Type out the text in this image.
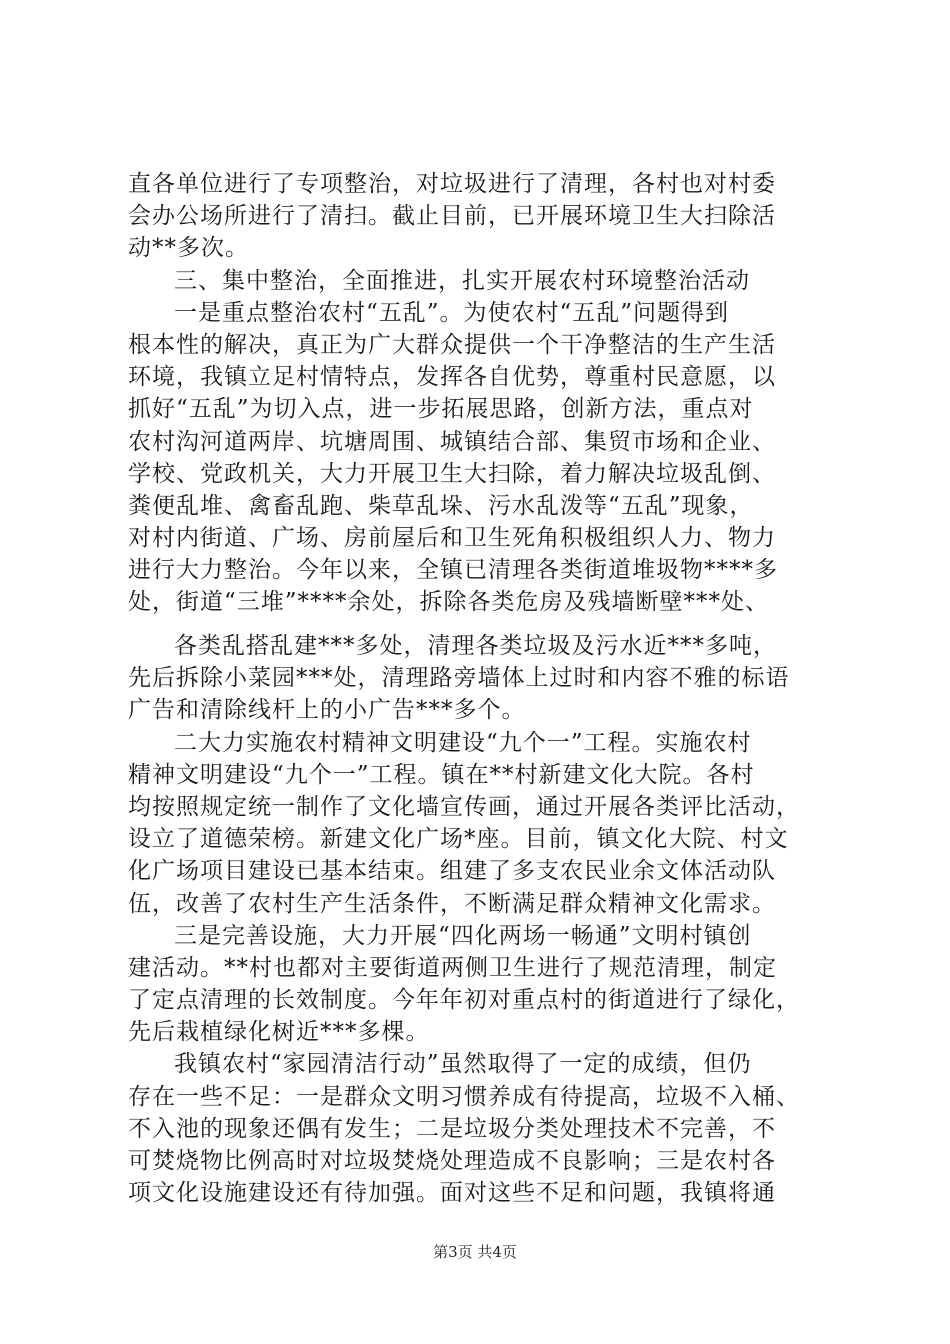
直各单位进行了专项整治，对垃圾进行了清理，各村也对村委
会办公场所进行了清扫。截止目前，已开展环境卫生大扫除活
动**多次。
三、集中整治，全面推进，扎实开展农村环境整治活动
一是重点整治农村“五乱”。为使农村“五乱”问题得到
根本性的解决，真正为广大群众提供一个干净整洁的生产生活
环境，我镇立足村情特点，发挥各自优势，尊重村民意愿，以
抓好“五乱”为切入点，进一步拓展思路，创新方法，重点对
农村沟河道两岸、坑塘周围、城镇结合部、集贸市场和企业、
学校、党政机关，大力开展卫生大扫除，着力解决垃圾乱倒、
粪便乱堆、禽畜乱跑、柴草乱垛、污水乱泼等“五乱”现象，
对村内街道、广场、房前屋后和卫生死角积极组织人力、物力
进行大力整治。今年以来，全镇已清理各类街道堆圾物****多
处，街道“三堆”****余处，拆除各类危房及残墙断壁***处、
各类乱搭乱建***多处，清理各类垃圾及污水近***多吨，
先后拆除小菜园***处，清理路旁墙体上过时和内容不雅的标语
广告和清除线杆上的小广告***多个。
二大力实施农村精神文明建设“九个一”工程。实施农村
精神文明建设“九个一”工程。镇在**村新建文化大院。各村
均按照规定统一制作了文化墙宣传画，通过开展各类评比活动，
设立了道德荣榜。新建文化广场*座。目前，镇文化大院、村文
化广场项目建设已基本结束。组建了多支农民业余文体活动队
伍，改善了农村生产生活条件，不断满足群众精神文化需求。
三是完善设施，大力开展“四化两场一畅通”文明村镇创
建活动。**村也都对主要街道两侧卫生进行了规范清理，制定
了定点清理的长效制度。今年年初对重点村的街道进行了绿化，
先后栽植绿化树近***多棵。
我镇农村“家园清洁行动”虽然取得了一定的成绩，但仍
存在一些不足：一是群众文明习惯养成有待提高，垃圾不入桶、
不入池的现象还偶有发生；二是垃圾分类处理技术不完善，不
可焚烧物比例高时对垃圾焚烧处理造成不良影响；三是农村各
项文化设施建设还有待加强。面对这些不足和问题，我镇将通
第3页 共4页
